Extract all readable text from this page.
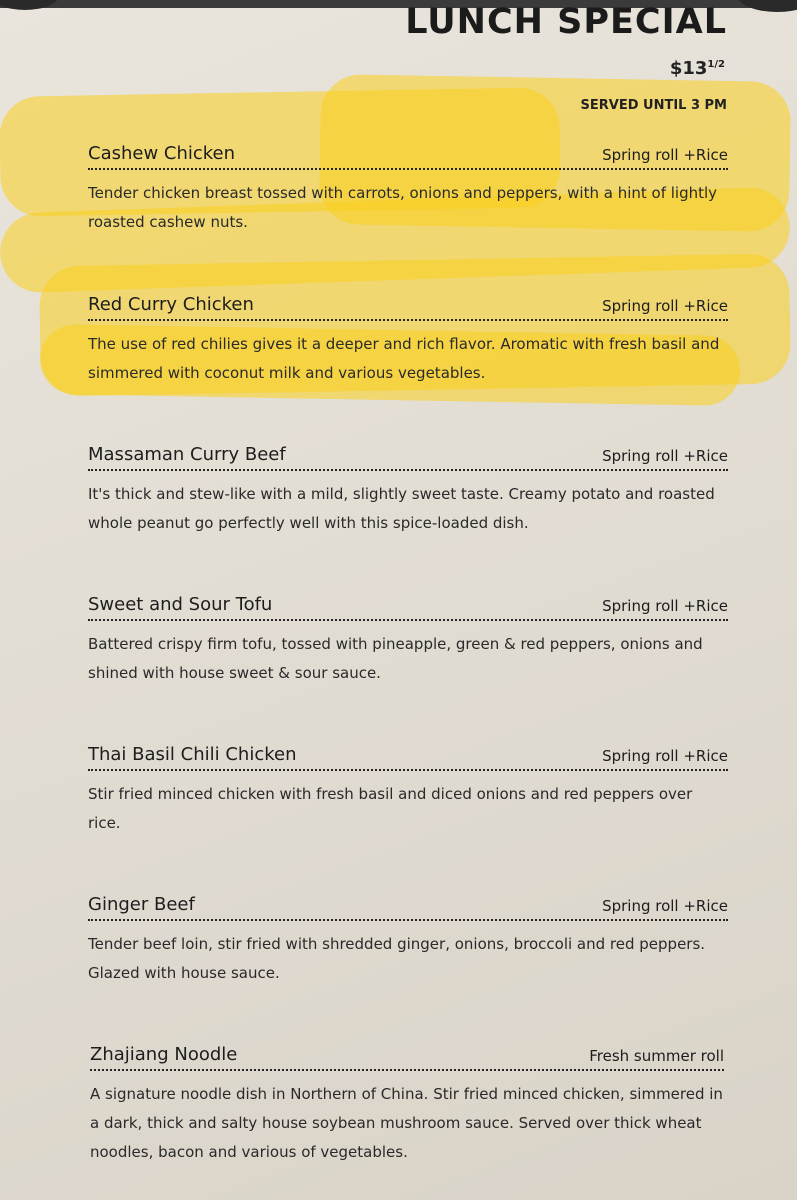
LUNCH SPECIAL
$\$13^{1/2}$
SERVED UNTIL 3 PM
Cashew Chicken	Spring roll +Rice
Tender chicken breast tossed with carrots, onions and peppers, with a hint of lightly roasted cashew nuts.
Red Curry Chicken	Spring roll +Rice
The use of red chilies gives it a deeper and rich flavor. Aromatic with fresh basil and simmered with coconut milk and various vegetables.
Massaman Curry Beef	Spring roll +Rice
It's thick and stew-like with a mild, slightly sweet taste. Creamy potato and roasted whole peanut go perfectly well with this spice-loaded dish.
Sweet and Sour Tofu	Spring roll +Rice
Battered crispy firm tofu, tossed with pineapple, green & red peppers, onions and shined with house sweet & sour sauce.
Thai Basil Chili Chicken	Spring roll +Rice
Stir fried minced chicken with fresh basil and diced onions and red peppers over rice.
Ginger Beef	Spring roll +Rice
Tender beef loin, stir fried with shredded ginger, onions, broccoli and red peppers. Glazed with house sauce.
Zhajiang Noodle	Fresh summer roll
A signature noodle dish in Northern of China. Stir fried minced chicken, simmered in a dark, thick and salty house soybean mushroom sauce. Served over thick wheat noodles, bacon and various of vegetables.
